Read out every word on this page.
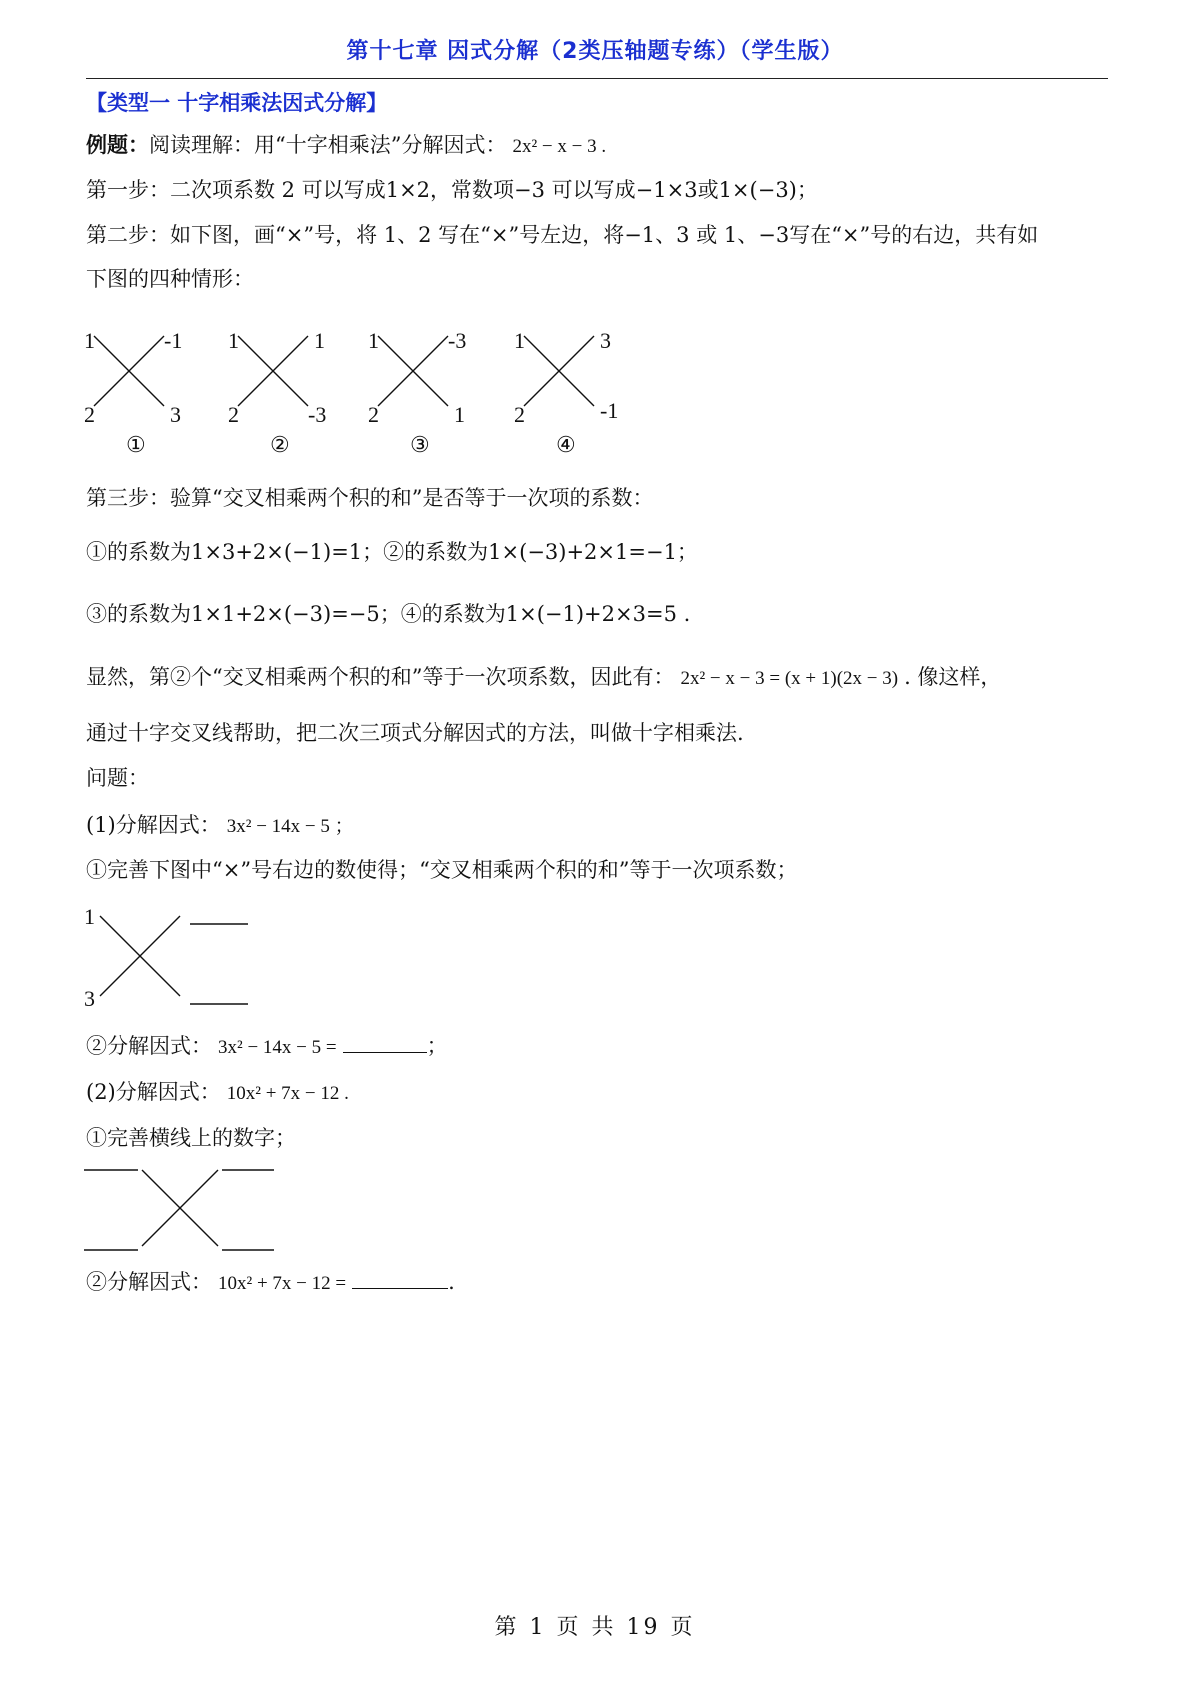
第十七章 因式分解（2类压轴题专练）（学生版）
【类型一 十字相乘法因式分解】
例题：阅读理解：用“十字相乘法”分解因式： 2x² − x − 3 .
第一步：二次项系数 2 可以写成1×2，常数项−3 可以写成−1×3或1×(−3)；
第二步：如下图，画“×”号，将 1、2 写在“×”号左边，将−1、3 或 1、−3写在“×”号的右边，共有如
下图的四种情形：
1	-1
2	3
①
1	1
2	-3
②
1	-3
2	1
③
1	3
2	-1
④
第三步：验算“交叉相乘两个积的和”是否等于一次项的系数：
①的系数为1×3+2×(−1)=1；②的系数为1×(−3)+2×1=−1；
③的系数为1×1+2×(−3)=−5；④的系数为1×(−1)+2×3=5 .
显然，第②个“交叉相乘两个积的和”等于一次项系数，因此有： 2x² − x − 3 = (x + 1)(2x − 3) . 像这样，
通过十字交叉线帮助，把二次三项式分解因式的方法，叫做十字相乘法.
问题：
(1)分解因式： 3x² − 14x − 5 ；
①完善下图中“×”号右边的数使得；“交叉相乘两个积的和”等于一次项系数；
1
3
②分解因式： 3x² − 14x − 5 =	；
(2)分解因式： 10x² + 7x − 12 .
①完善横线上的数字；
②分解因式： 10x² + 7x − 12 =	.
第 1 页 共 19 页
